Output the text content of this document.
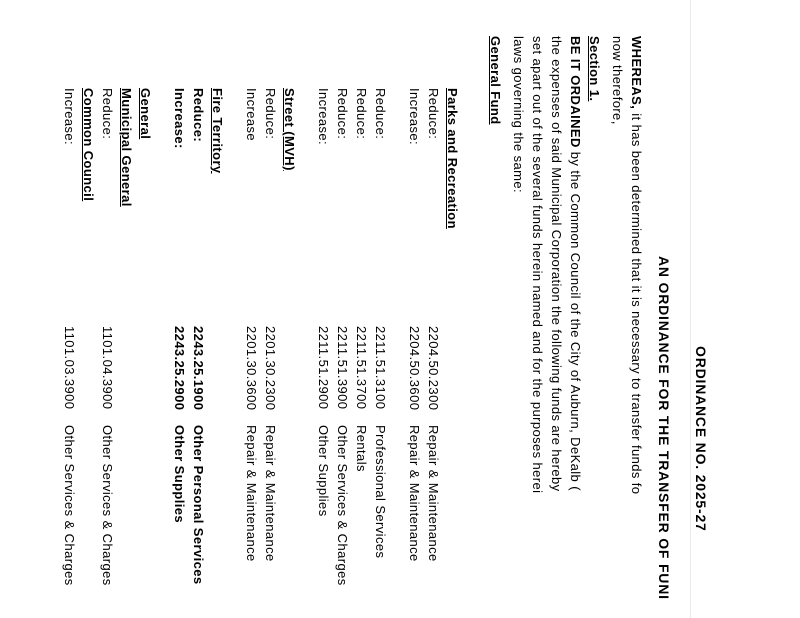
ORDINANCE NO. 2025-27
AN ORDINANCE FOR THE TRANSFER OF FUNI
WHEREAS, it has been determined that it is necessary to transfer funds fo
now therefore,
Section 1.
BE IT ORDAINED by the Common Council of the City of Auburn, DeKalb (
the expenses of said Municipal Corporation the following funds are hereby
set apart out of the several funds herein named and for the purposes herei
laws governing the same:
General Fund
Parks and Recreation
Reduce:
2204.50.2300
Repair & Maintenance
Increase:
2204.50.3600
Repair & Maintenance
Reduce:
2211.51.3100
Professional Services
Reduce:
2211.51.3700
Rentals
Reduce:
2211.51.3900
Other Services & Charges
Increase:
2211.51.2900
Other Supplies
Street (MVH)
Reduce:
2201.30.2300
Repair & Maintenance
Increase
2201.30.3600
Repair & Maintenance
Fire Territory
Reduce:
2243.25.1900
Other Personal Services
Increase:
2243.25.2900
Other Supplies
General
Municipal General
Reduce:
1101.04.3900
Other Services & Charges
Common Council
Increase:
1101.03.3900
Other Services & Charges
